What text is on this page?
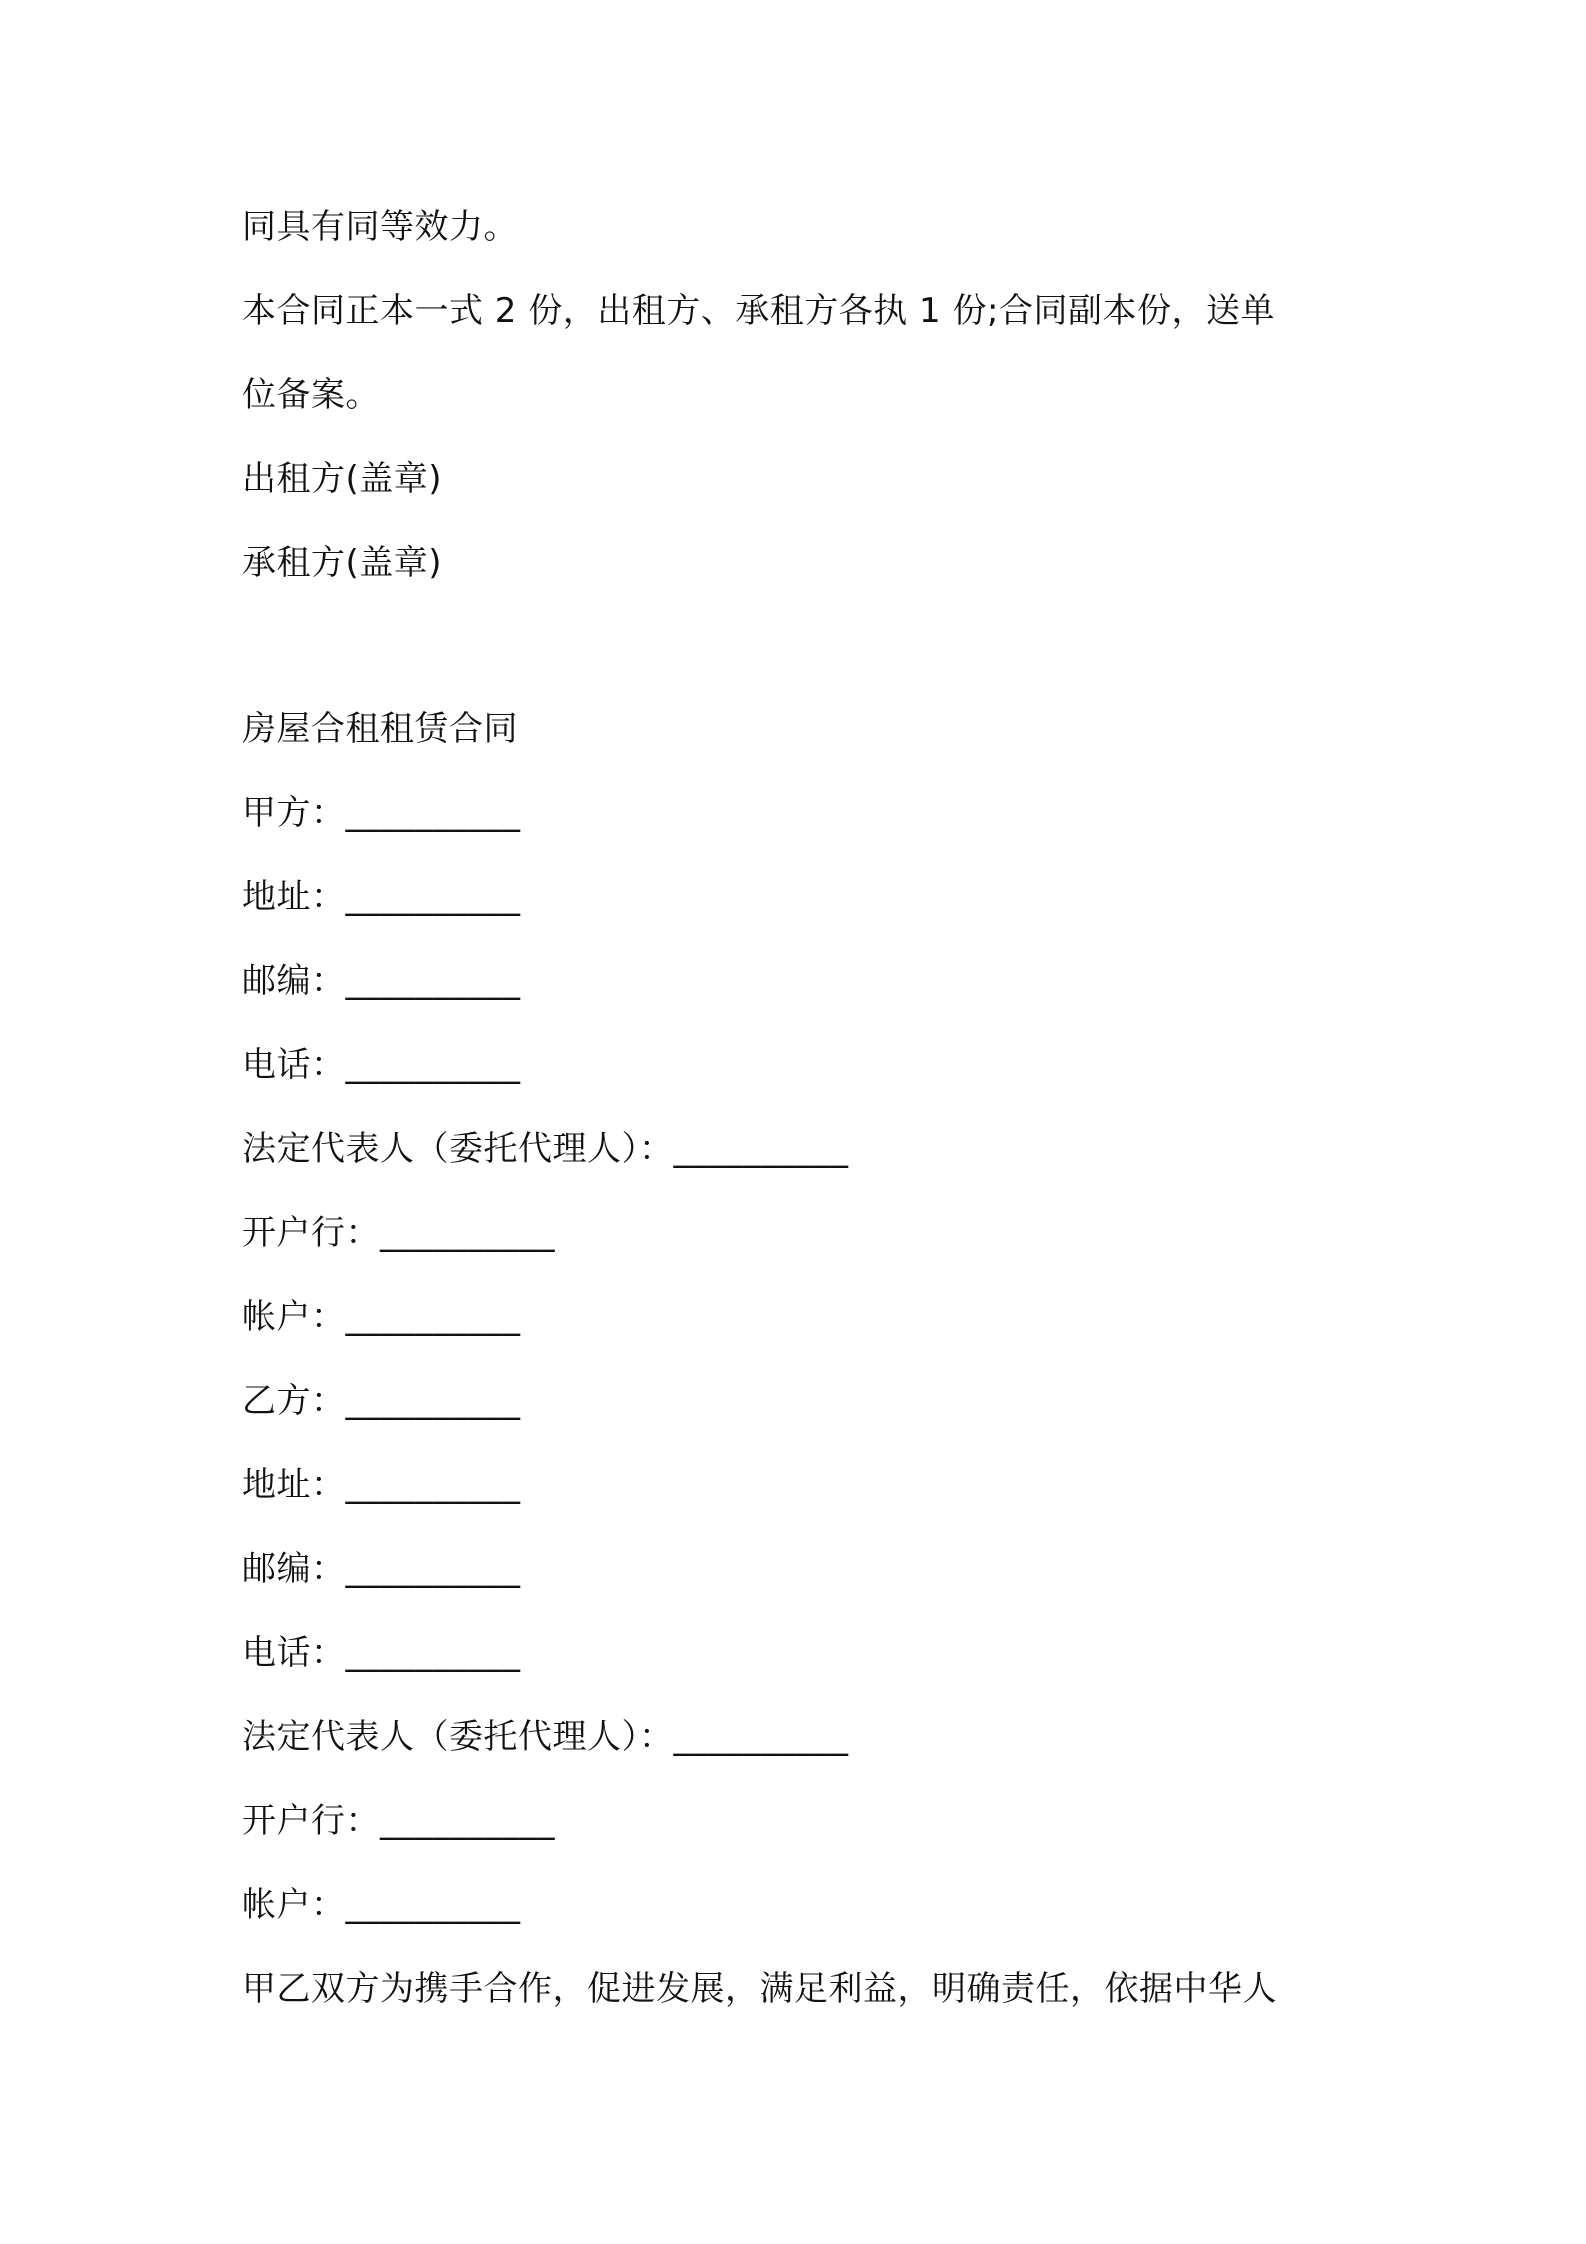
同具有同等效力。
本合同正本一式 2 份，出租方、承租方各执 1 份;合同副本份，送单
位备案。
出租方(盖章)
承租方(盖章)
房屋合租租赁合同
甲方：__________
地址：__________
邮编：__________
电话：__________
法定代表人（委托代理人）：__________
开户行：__________
帐户：__________
乙方：__________
地址：__________
邮编：__________
电话：__________
法定代表人（委托代理人）：__________
开户行：__________
帐户：__________
甲乙双方为携手合作，促进发展，满足利益，明确责任，依据中华人
